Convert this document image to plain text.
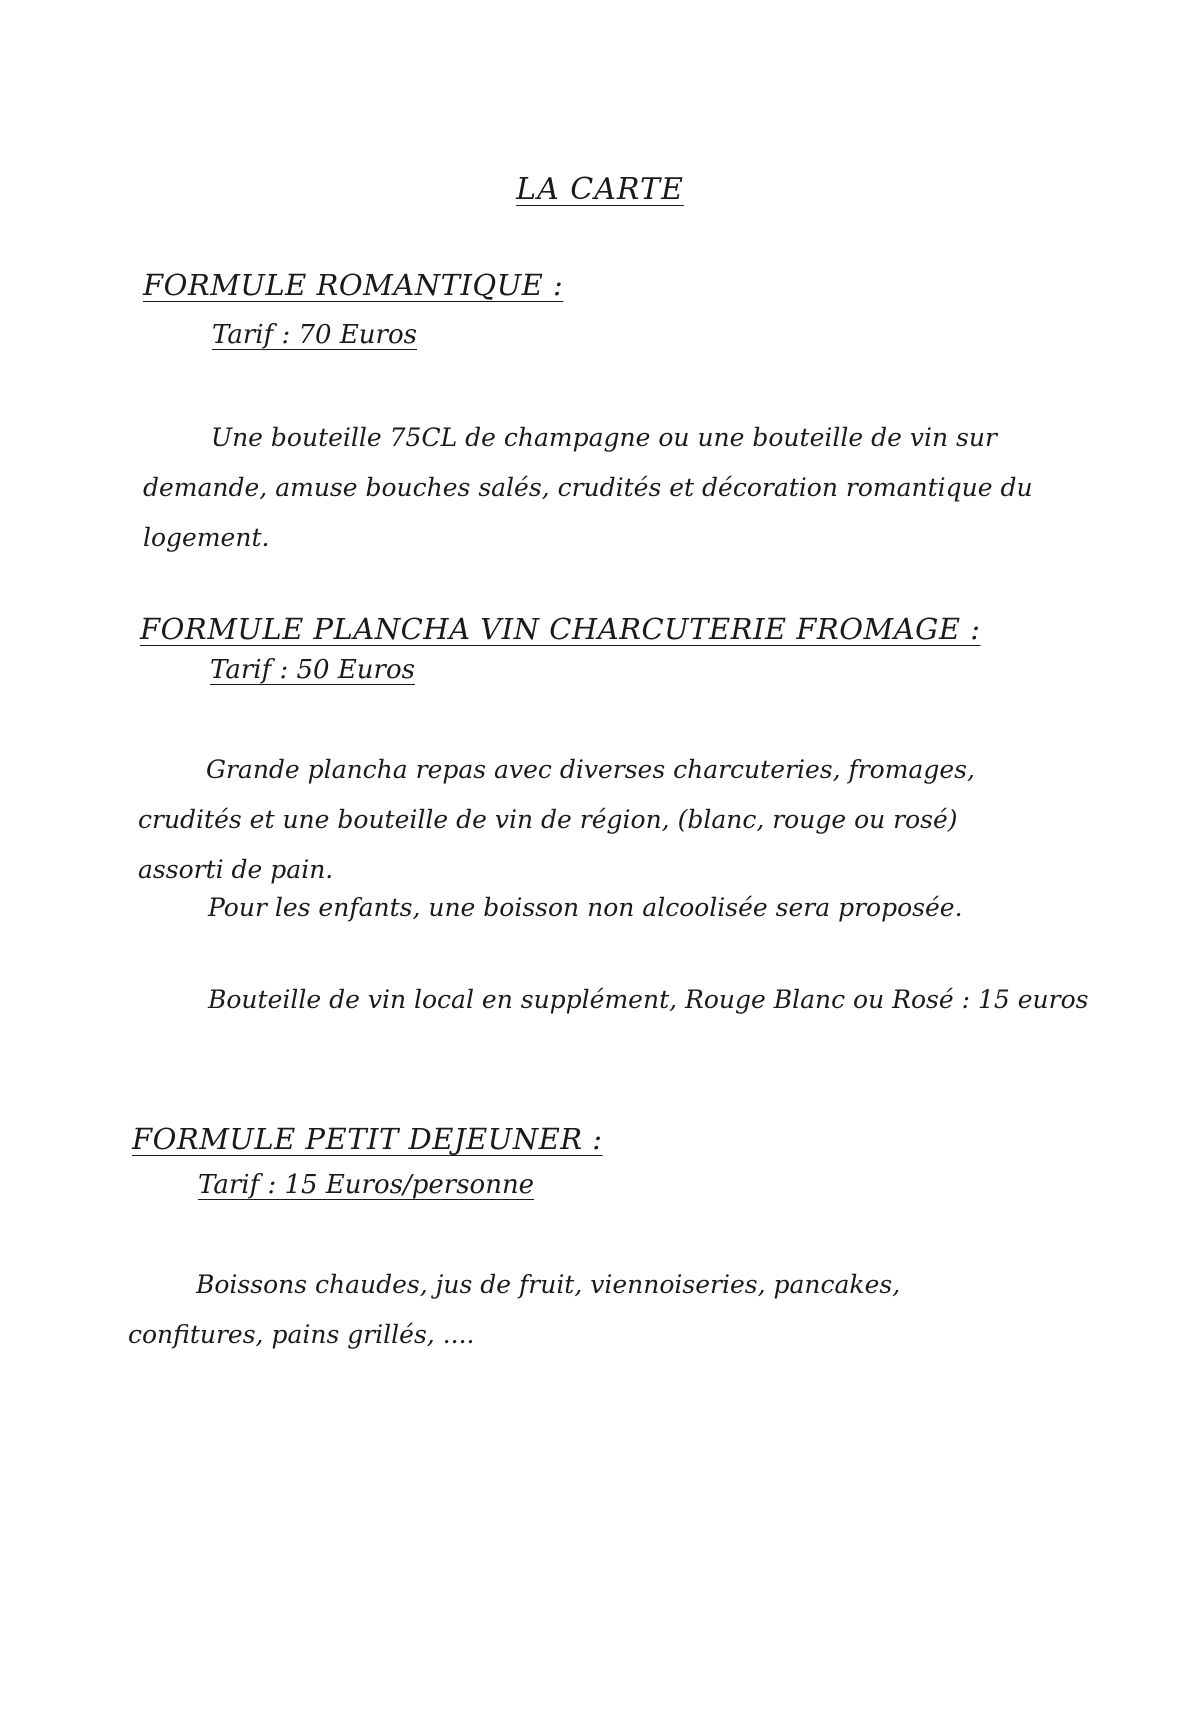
LA CARTE
FORMULE ROMANTIQUE :
Tarif : 70 Euros

Une bouteille 75CL de champagne ou une bouteille de vin sur demande, amuse bouches salés, crudités et décoration romantique du logement.

FORMULE PLANCHA VIN CHARCUTERIE FROMAGE :
Tarif : 50 Euros

Grande plancha repas avec diverses charcuteries, fromages, crudités et une bouteille de vin de région, (blanc, rouge ou rosé) assorti de pain.

Pour les enfants, une boisson non alcoolisée sera proposée.

Bouteille de vin local en supplément, Rouge Blanc ou Rosé : 15 euros

FORMULE PETIT DEJEUNER :
Tarif : 15 Euros/personne

Boissons chaudes, jus de fruit, viennoiseries, pancakes, confitures, pains grillés, ....
